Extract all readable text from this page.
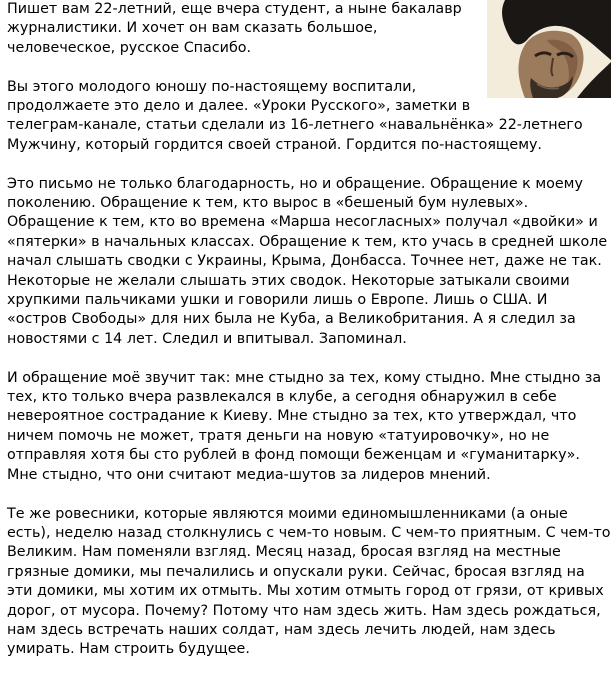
Пишет вам 22-летний, еще вчера студент, а ныне бакалавр журналистики. И хочет он вам сказать большое, человеческое, русское Спасибо.

Вы этого молодого юношу по-настоящему воспитали, продолжаете это дело и далее. «Уроки Русского», заметки в телеграм-канале, статьи сделали из 16-летнего «навальнёнка» 22-летнего Мужчину, который гордится своей страной. Гордится по-настоящему.

Это письмо не только благодарность, но и обращение. Обращение к моему поколению. Обращение к тем, кто вырос в «бешеный бум нулевых». Обращение к тем, кто во времена «Марша несогласных» получал «двойки» и «пятерки» в начальных классах. Обращение к тем, кто учась в средней школе начал слышать сводки с Украины, Крыма, Донбасса. Точнее нет, даже не так. Некоторые не желали слышать этих сводок. Некоторые затыкали своими хрупкими пальчиками ушки и говорили лишь о Европе. Лишь о США. И «остров Свободы» для них была не Куба, а Великобритания. А я следил за новостями с 14 лет. Следил и впитывал. Запоминал.

И обращение моё звучит так: мне стыдно за тех, кому стыдно. Мне стыдно за тех, кто только вчера развлекался в клубе, а сегодня обнаружил в себе невероятное сострадание к Киеву. Мне стыдно за тех, кто утверждал, что ничем помочь не может, тратя деньги на новую «татуировочку», но не отправляя хотя бы сто рублей в фонд помощи беженцам и «гуманитарку». Мне стыдно, что они считают медиа-шутов за лидеров мнений.

Те же ровесники, которые являются моими единомышленниками (а оные есть), неделю назад столкнулись с чем-то новым. С чем-то приятным. С чем-то Великим. Нам поменяли взгляд. Месяц назад, бросая взгляд на местные грязные домики, мы печалились и опускали руки. Сейчас, бросая взгляд на эти домики, мы хотим их отмыть. Мы хотим отмыть город от грязи, от кривых дорог, от мусора. Почему? Потому что нам здесь жить. Нам здесь рождаться, нам здесь встречать наших солдат, нам здесь лечить людей, нам здесь умирать. Нам строить будущее.
